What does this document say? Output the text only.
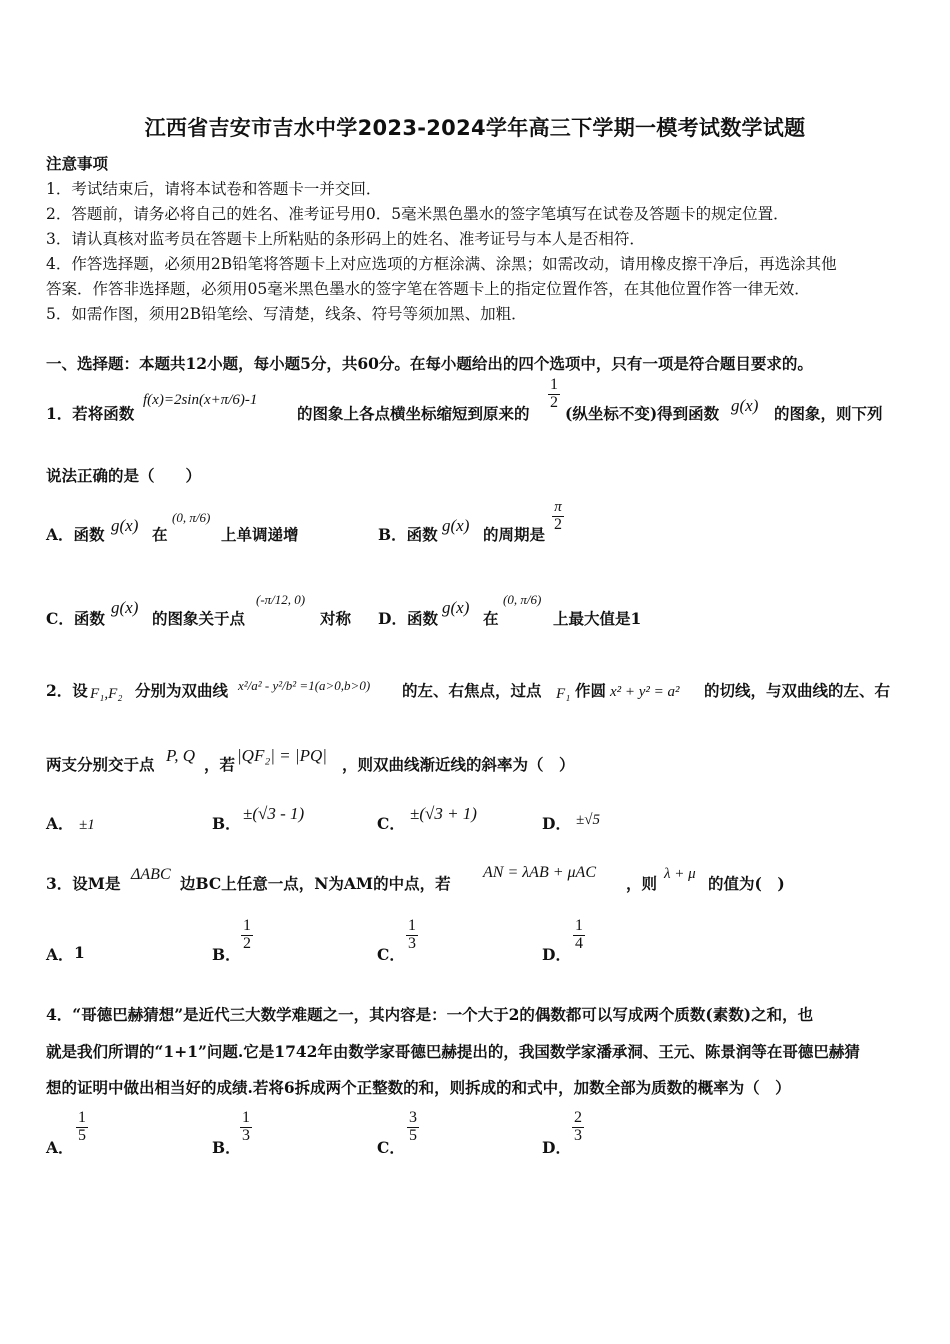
江西省吉安市吉水中学2023-2024学年高三下学期一模考试数学试题
注意事项
1．考试结束后，请将本试卷和答题卡一并交回．
2．答题前，请务必将自己的姓名、准考证号用0．5毫米黑色墨水的签字笔填写在试卷及答题卡的规定位置．
3．请认真核对监考员在答题卡上所粘贴的条形码上的姓名、准考证号与本人是否相符．
4．作答选择题，必须用2B铅笔将答题卡上对应选项的方框涂满、涂黑；如需改动，请用橡皮擦干净后，再选涂其他
答案．作答非选择题，必须用05毫米黑色墨水的签字笔在答题卡上的指定位置作答，在其他位置作答一律无效．
5．如需作图，须用2B铅笔绘、写清楚，线条、符号等须加黑、加粗．
一、选择题：本题共12小题，每小题5分，共60分。在每小题给出的四个选项中，只有一项是符合题目要求的。
1．若将函数
f(x)=2sin(x+π/6)-1
的图象上各点横坐标缩短到原来的
$\frac{1}{2}$
(纵坐标不变)得到函数 g(x) 的图象，则下列
说法正确的是（　　）
A．函数 g(x) 在
(0, π/6)
上单调递增	B．函数 g(x) 的周期是
$\frac{\pi}{2}$
C．函数
g(x)
的图象关于点
(-π/12, 0)
对称 D．函数
g(x)
在
(0, π/6)
上最大值是1
2．设 F₁,F₂ 分别为双曲线 x²/a² - y²/b² =1(a>0,b>0) 的左、右焦点，过点 F₁ 作圆 x² + y² = a² 的切线，与双曲线的左、右
两支分别交于点 P, Q ，若 |QF₂| = |PQ| ，则双曲线渐近线的斜率为（　）
A． ±1	B．
±(√3 - 1)
C．
±(√3 + 1)
D． ±√5
3．设M是 ΔABC 边BC上任意一点，N为AM的中点，若
AN = λAB + μAC
，则 λ + μ 的值为(　)
A． 1	B．
$\frac{1}{2}$
C．
$\frac{1}{3}$
D．
$\frac{1}{4}$
4．“哥德巴赫猜想”是近代三大数学难题之一，其内容是：一个大于2的偶数都可以写成两个质数(素数)之和，也
就是我们所谓的“1+1”问题.它是1742年由数学家哥德巴赫提出的，我国数学家潘承洞、王元、陈景润等在哥德巴赫猜
想的证明中做出相当好的成绩.若将6拆成两个正整数的和，则拆成的和式中，加数全部为质数的概率为（　）
A．
$\frac{1}{5}$
B．
$\frac{1}{3}$
C．
$\frac{3}{5}$
D．
$\frac{2}{3}$
